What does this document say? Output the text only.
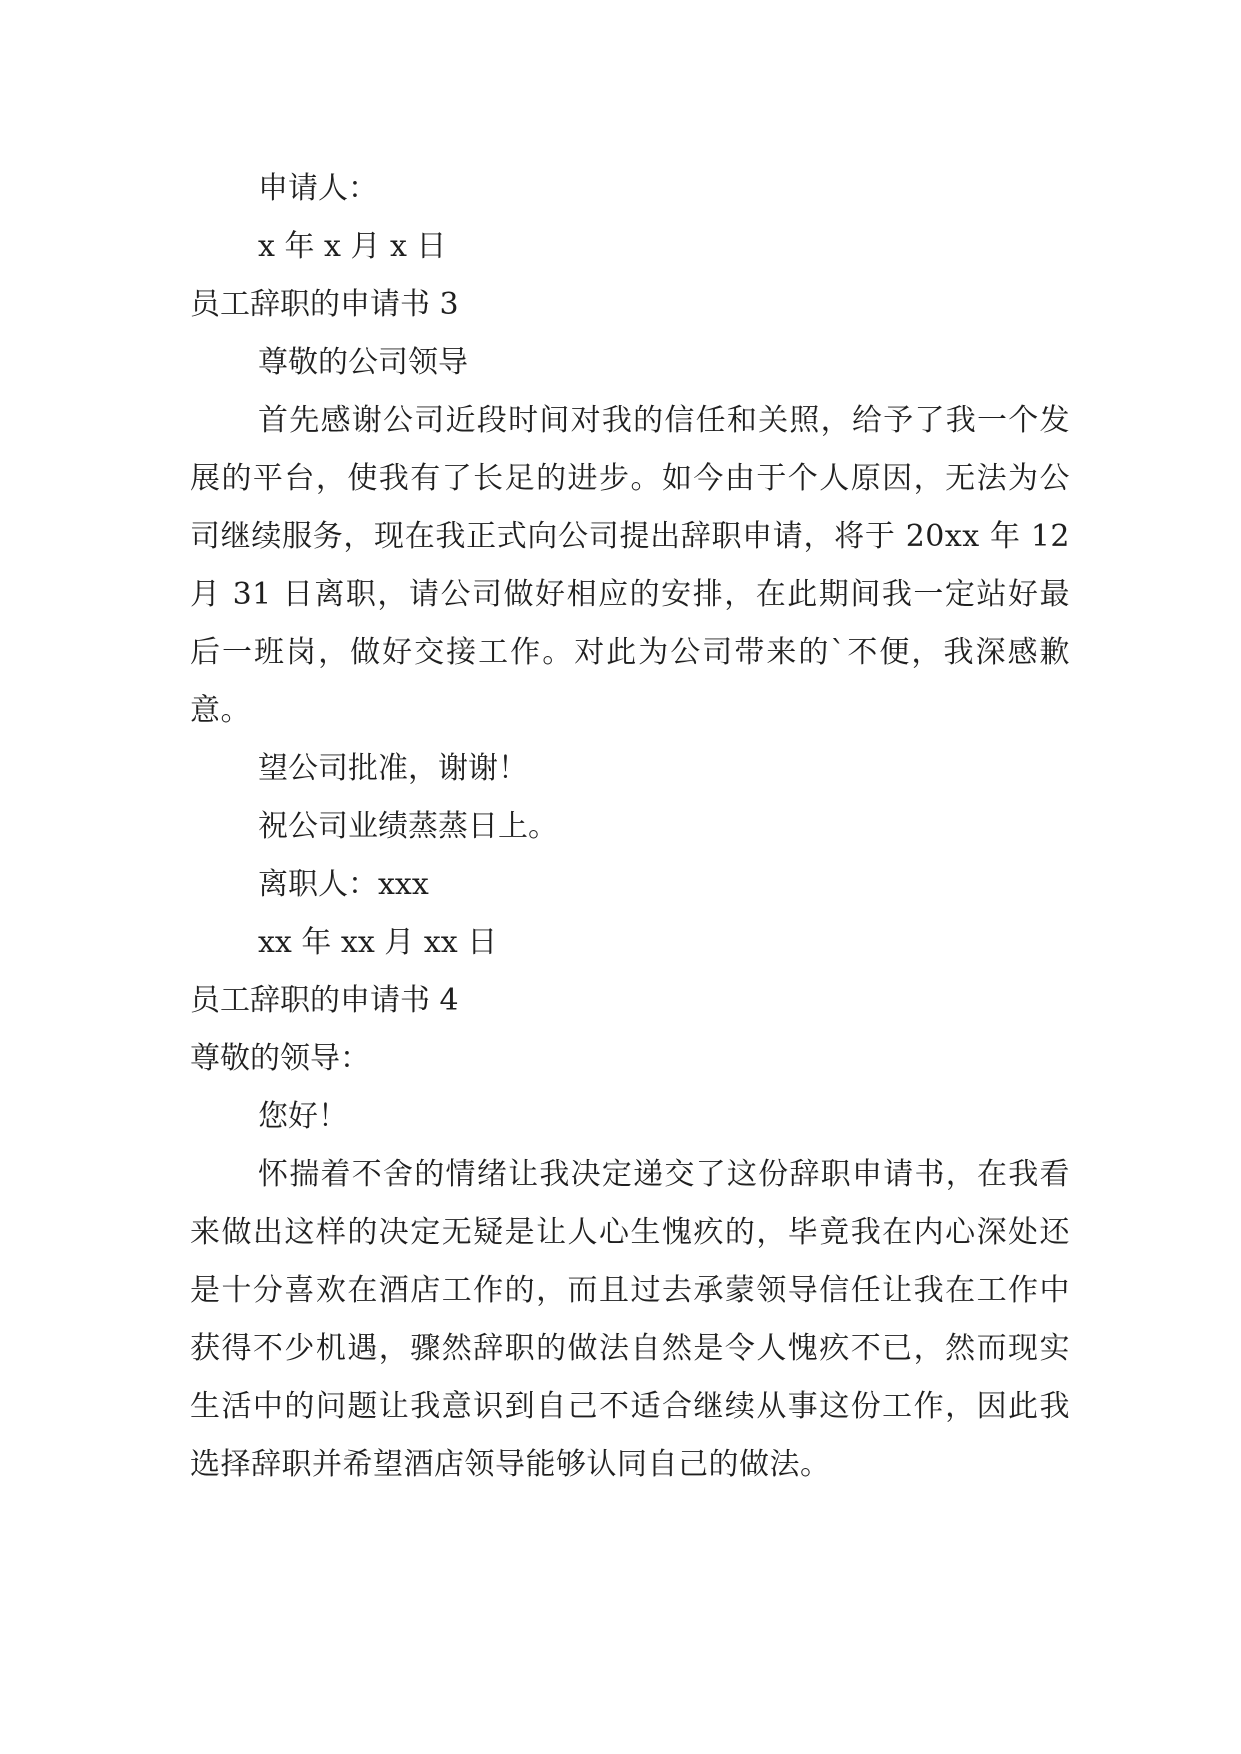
申请人：
x 年 x 月 x 日
员工辞职的申请书 3
尊敬的公司领导
首先感谢公司近段时间对我的信任和关照，给予了我一个发展的平台，使我有了长足的进步。如今由于个人原因，无法为公司继续服务，现在我正式向公司提出辞职申请，将于 20xx 年 12 月 31 日离职，请公司做好相应的安排，在此期间我一定站好最后一班岗，做好交接工作。对此为公司带来的`不便，我深感歉意。
望公司批准，谢谢！
祝公司业绩蒸蒸日上。
离职人：xxx
xx 年 xx 月 xx 日
员工辞职的申请书 4
尊敬的领导：
您好！
怀揣着不舍的情绪让我决定递交了这份辞职申请书，在我看来做出这样的决定无疑是让人心生愧疚的，毕竟我在内心深处还是十分喜欢在酒店工作的，而且过去承蒙领导信任让我在工作中获得不少机遇，骤然辞职的做法自然是令人愧疚不已，然而现实生活中的问题让我意识到自己不适合继续从事这份工作，因此我选择辞职并希望酒店领导能够认同自己的做法。
